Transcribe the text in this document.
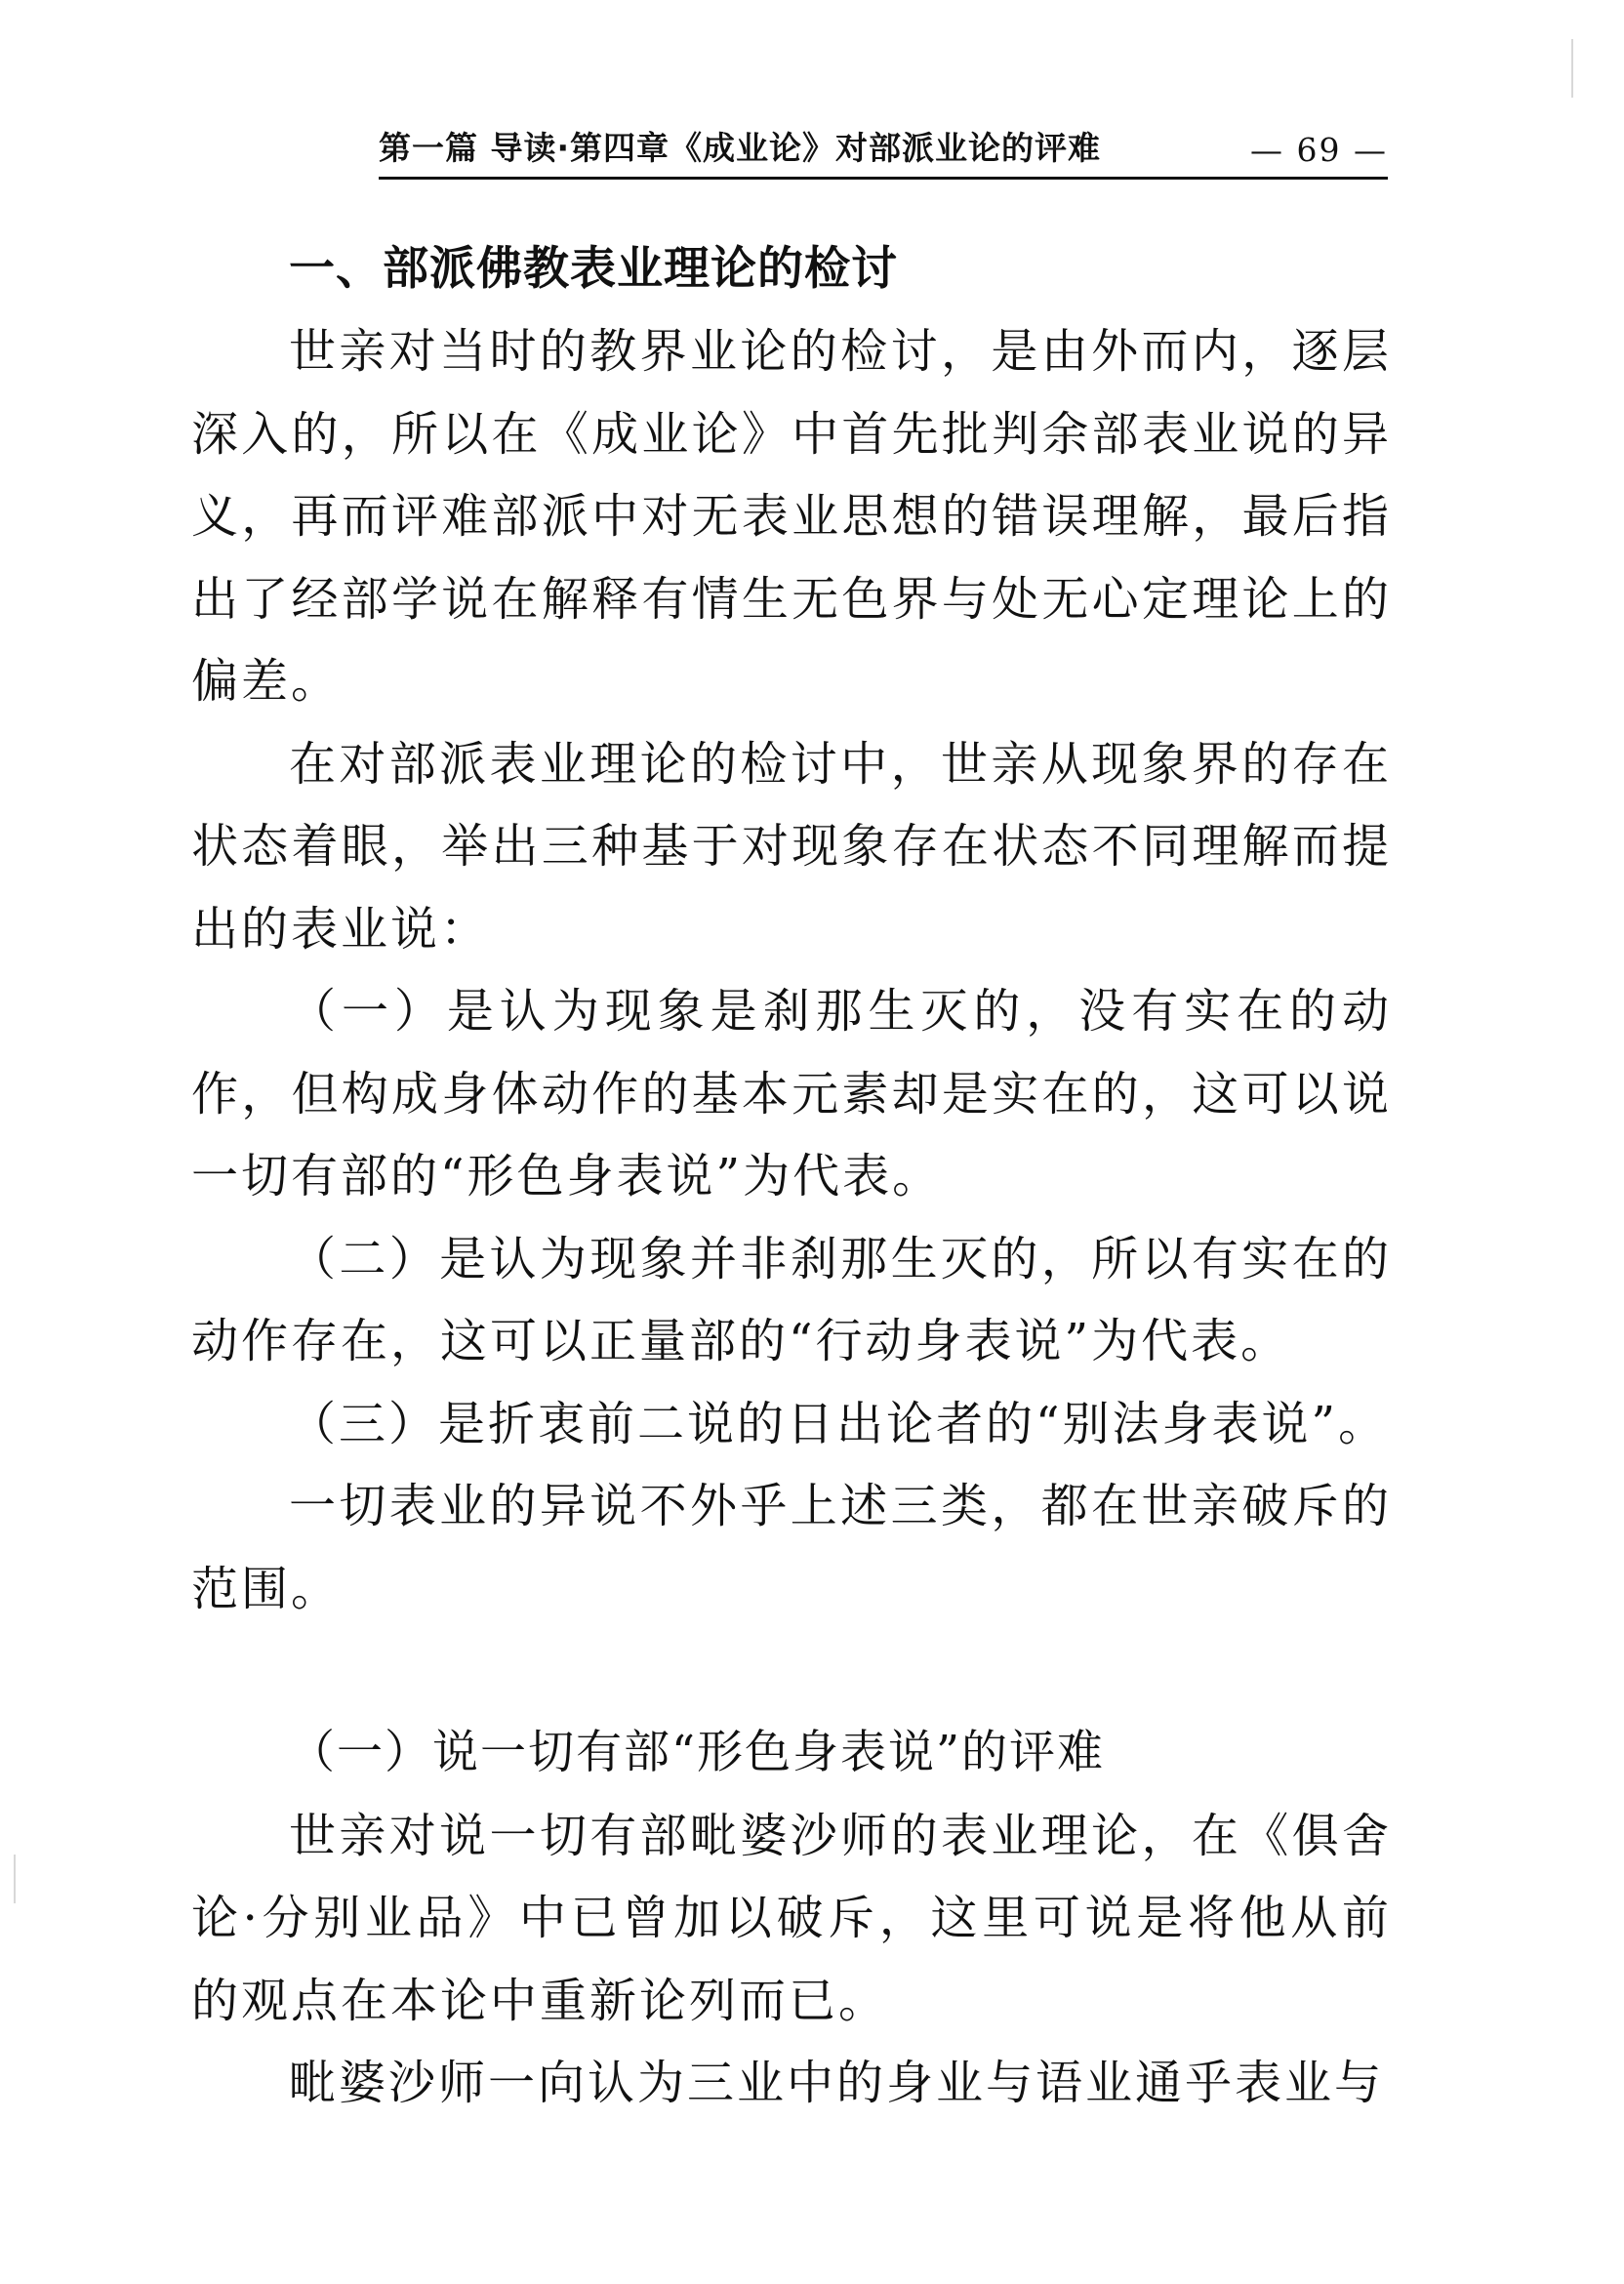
第一篇 导读·第四章《成业论》对部派业论的评难	— 69 —
一、部派佛教表业理论的检讨

世亲对当时的教界业论的检讨，是由外而内，逐层深入的，所以在《成业论》中首先批判余部表业说的异义，再而评难部派中对无表业思想的错误理解，最后指出了经部学说在解释有情生无色界与处无心定理论上的偏差。

在对部派表业理论的检讨中，世亲从现象界的存在状态着眼，举出三种基于对现象存在状态不同理解而提出的表业说：

（一）是认为现象是刹那生灭的，没有实在的动作，但构成身体动作的基本元素却是实在的，这可以说一切有部的“形色身表说”为代表。

（二）是认为现象并非刹那生灭的，所以有实在的动作存在，这可以正量部的“行动身表说”为代表。

（三）是折衷前二说的日出论者的“别法身表说”。

一切表业的异说不外乎上述三类，都在世亲破斥的范围。

（一）说一切有部“形色身表说”的评难

世亲对说一切有部毗婆沙师的表业理论，在《俱舍论·分别业品》中已曾加以破斥，这里可说是将他从前的观点在本论中重新论列而已。

毗婆沙师一向认为三业中的身业与语业通乎表业与
